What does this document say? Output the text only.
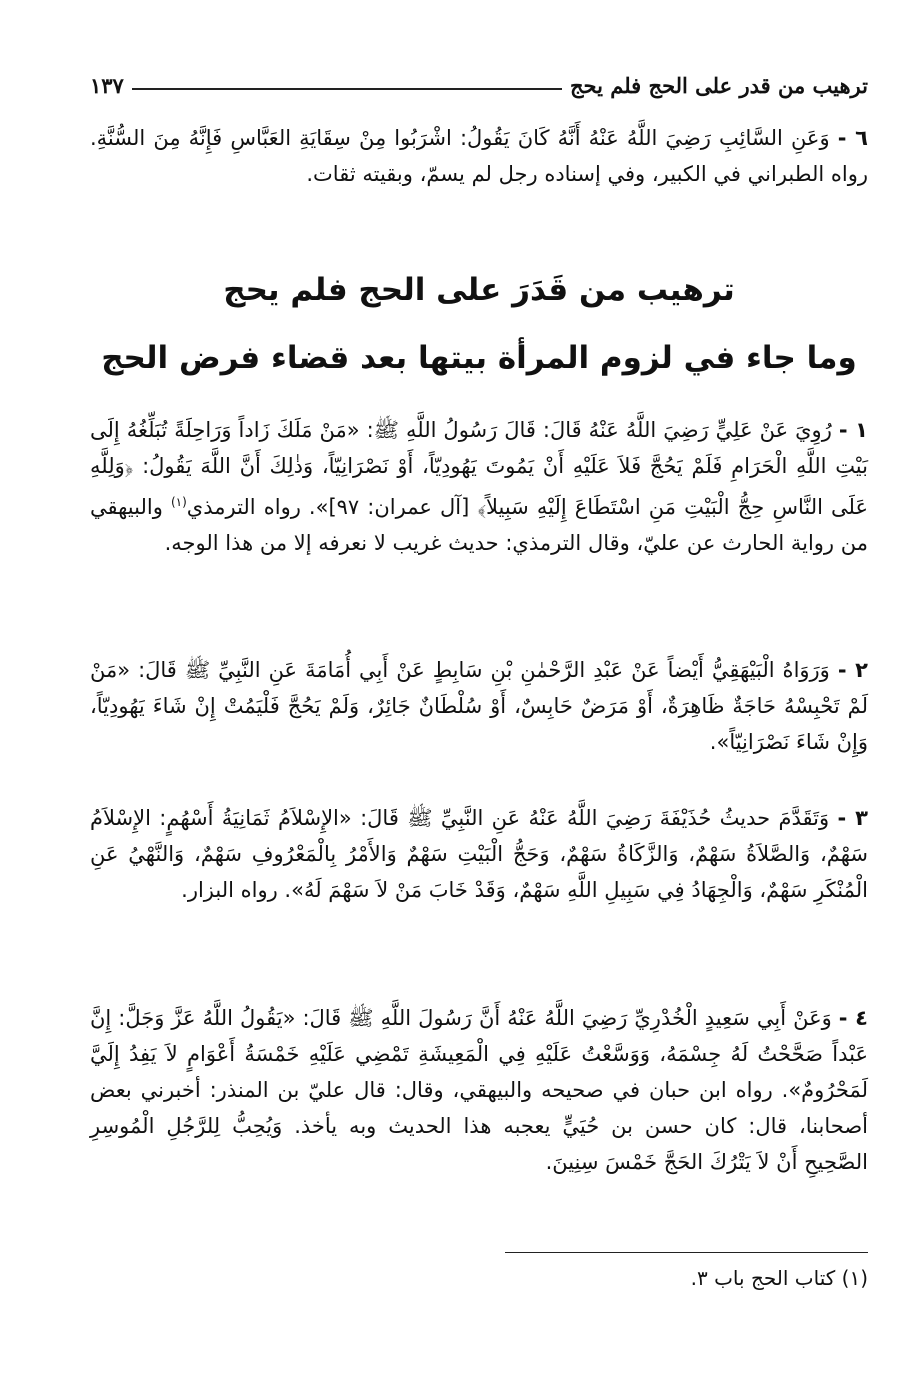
ترهيب من قدر على الحج فلم يحج
١٣٧

٦ - وَعَنِ السَّائِبِ رَضِيَ اللَّهُ عَنْهُ أَنَّهُ كَانَ يَقُولُ: اشْرَبُوا مِنْ سِقَايَةِ العَبَّاسِ فَإِنَّهُ مِنَ السُّنَّةِ. رواه الطبراني في الكبير، وفي إسناده رجل لم يسمّ، وبقيته ثقات.

ترهيب من قَدَرَ على الحج فلم يحج
وما جاء في لزوم المرأة بيتها بعد قضاء فرض الحج

١ - رُوِيَ عَنْ عَلِيٍّ رَضِيَ اللَّهُ عَنْهُ قَالَ: قَالَ رَسُولُ اللَّهِ ﷺ: «مَنْ مَلَكَ زَاداً وَرَاحِلَةً تُبَلِّغُهُ إِلَى بَيْتِ اللَّهِ الْحَرَامِ فَلَمْ يَحُجَّ فَلاَ عَلَيْهِ أَنْ يَمُوتَ يَهُودِيّاً، أَوْ نَصْرَانِيّاً، وَذٰلِكَ أَنَّ اللَّهَ يَقُولُ: ﴿وَلِلَّهِ عَلَى النَّاسِ حِجُّ الْبَيْتِ مَنِ اسْتَطَاعَ إِلَيْهِ سَبِيلاً﴾ [آل عمران: ٩٧]». رواه الترمذي$^{(١)}$ والبيهقي من رواية الحارث عن عليّ، وقال الترمذي: حديث غريب لا نعرفه إلا من هذا الوجه.

٢ - وَرَوَاهُ الْبَيْهَقِيُّ أَيْضاً عَنْ عَبْدِ الرَّحْمٰنِ بْنِ سَابِطٍ عَنْ أَبِي أُمَامَةَ عَنِ النَّبِيِّ ﷺ قَالَ: «مَنْ لَمْ تَحْبِسْهُ حَاجَةٌ ظَاهِرَةٌ، أَوْ مَرَضٌ حَابِسٌ، أَوْ سُلْطَانٌ جَائِرٌ، وَلَمْ يَحُجَّ فَلْيَمُتْ إِنْ شَاءَ يَهُودِيّاً، وَإِنْ شَاءَ نَصْرَانِيّاً».

٣ - وَتَقَدَّمَ حديثُ حُذَيْفَةَ رَضِيَ اللَّهُ عَنْهُ عَنِ النَّبِيِّ ﷺ قَالَ: «الإِسْلاَمُ ثَمَانِيَةُ أَسْهُمٍ: الإِسْلاَمُ سَهْمٌ، وَالصَّلاَةُ سَهْمٌ، وَالزَّكَاةُ سَهْمٌ، وَحَجُّ الْبَيْتِ سَهْمٌ وَالأَمْرُ بِالْمَعْرُوفِ سَهْمٌ، وَالنَّهْيُ عَنِ الْمُنْكَرِ سَهْمٌ، وَالْجِهَادُ فِي سَبِيلِ اللَّهِ سَهْمٌ، وَقَدْ خَابَ مَنْ لاَ سَهْمَ لَهُ». رواه البزار.

٤ - وَعَنْ أَبِي سَعِيدٍ الْخُدْرِيِّ رَضِيَ اللَّهُ عَنْهُ أَنَّ رَسُولَ اللَّهِ ﷺ قَالَ: «يَقُولُ اللَّهُ عَزَّ وَجَلَّ: إِنَّ عَبْداً صَحَّحْتُ لَهُ جِسْمَهُ، وَوَسَّعْتُ عَلَيْهِ فِي الْمَعِيشَةِ تَمْضِي عَلَيْهِ خَمْسَةُ أَعْوَامٍ لاَ يَفِدُ إِلَيَّ لَمَحْرُومٌ». رواه ابن حبان في صحيحه والبيهقي، وقال: قال عليّ بن المنذر: أخبرني بعض أصحابنا، قال: كان حسن بن حُيَيٍّ يعجبه هذا الحديث وبه يأخذ. وَيُحِبُّ لِلرَّجُلِ الْمُوسِرِ الصَّحِيحِ أَنْ لاَ يَتْرُكَ الحَجَّ خَمْسَ سِنِينَ.

(١) كتاب الحج باب ٣.
